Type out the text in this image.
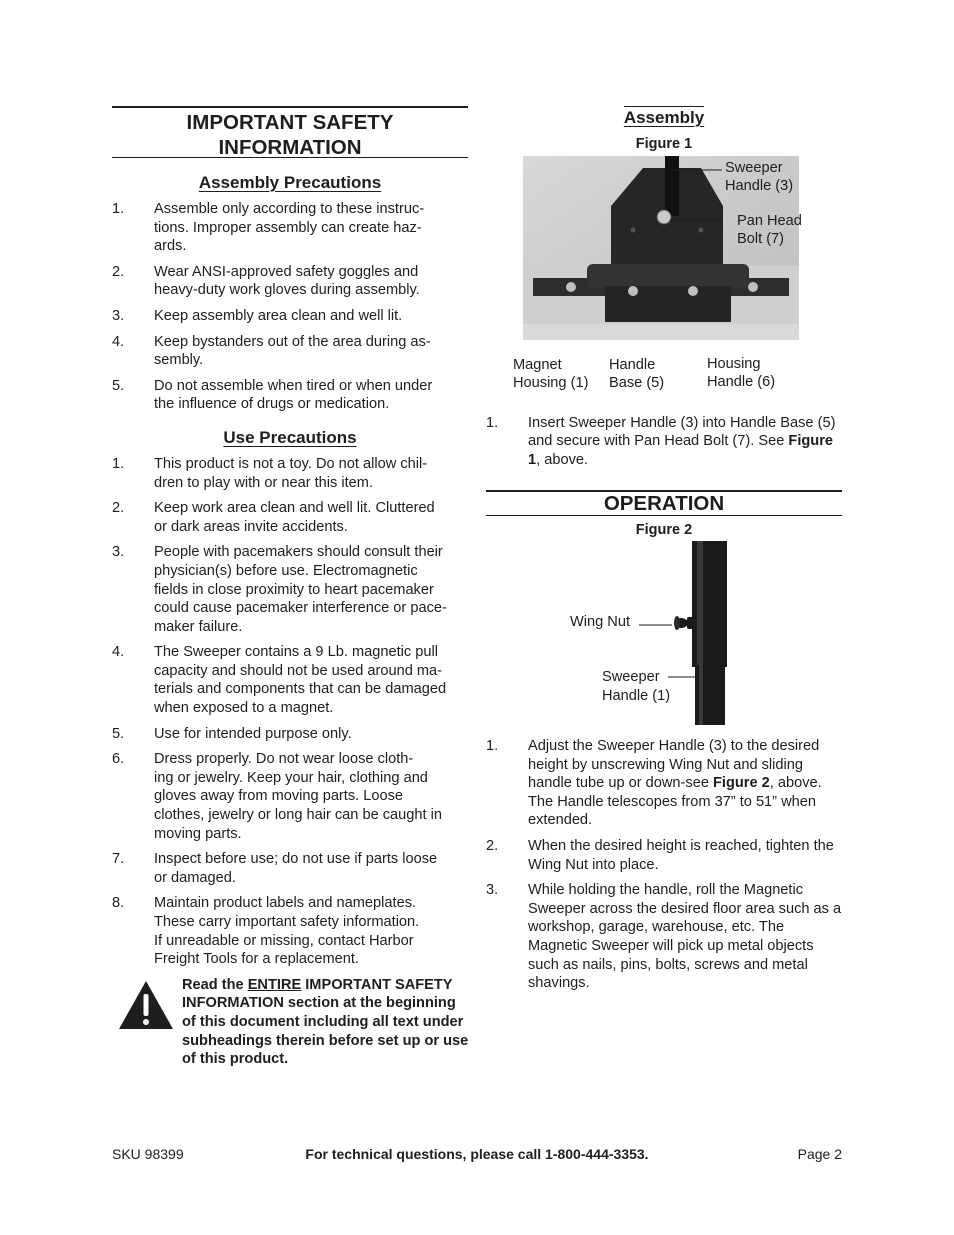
IMPORTANT SAFETY
INFORMATION
Assembly Precautions
1. Assemble only according to these instruc-
tions. Improper assembly can create haz-
ards.
2. Wear ANSI-approved safety goggles and
heavy-duty work gloves during assembly.
3. Keep assembly area clean and well lit.
4. Keep bystanders out of the area during as-
sembly.
5. Do not assemble when tired or when under
the influence of drugs or medication.
Use Precautions
1. This product is not a toy. Do not allow chil-
dren to play with or near this item.
2. Keep work area clean and well lit. Cluttered
or dark areas invite accidents.
3. People with pacemakers should consult their
physician(s) before use. Electromagnetic
fields in close proximity to heart pacemaker
could cause pacemaker interference or pace-
maker failure.
4. The Sweeper contains a 9 Lb. magnetic pull
capacity and should not be used around ma-
terials and components that can be damaged
when exposed to a magnet.
5. Use for intended purpose only.
6. Dress properly. Do not wear loose cloth-
ing or jewelry. Keep your hair, clothing and
gloves away from moving parts. Loose
clothes, jewelry or long hair can be caught in
moving parts.
7. Inspect before use; do not use if parts loose
or damaged.
8. Maintain product labels and nameplates.
These carry important safety information.
If unreadable or missing, contact Harbor
Freight Tools for a replacement.
Read the ENTIRE IMPORTANT SAFETY INFORMATION section at the beginning of this document including all text under subheadings therein before set up or use of this product.
Assembly
Figure 1
Sweeper
Handle (3)
Pan Head
Bolt (7)
Magnet
Housing (1)
Handle
Base (5)
Housing
Handle (6)
1. Insert Sweeper Handle (3) into Handle Base (5) and secure with Pan Head Bolt (7). See Figure 1, above.
OPERATION
Figure 2
Wing Nut
Sweeper
Handle (1)
1. Adjust the Sweeper Handle (3) to the desired height by unscrewing Wing Nut and sliding handle tube up or down-see Figure 2, above. The Handle telescopes from 37” to 51” when extended.
2. When the desired height is reached, tighten the Wing Nut into place.
3. While holding the handle, roll the Magnetic Sweeper across the desired floor area such as a workshop, garage, warehouse, etc. The Magnetic Sweeper will pick up metal objects such as nails, pins, bolts, screws and metal shavings.
SKU 98399	For technical questions, please call 1-800-444-3353.	Page 2
